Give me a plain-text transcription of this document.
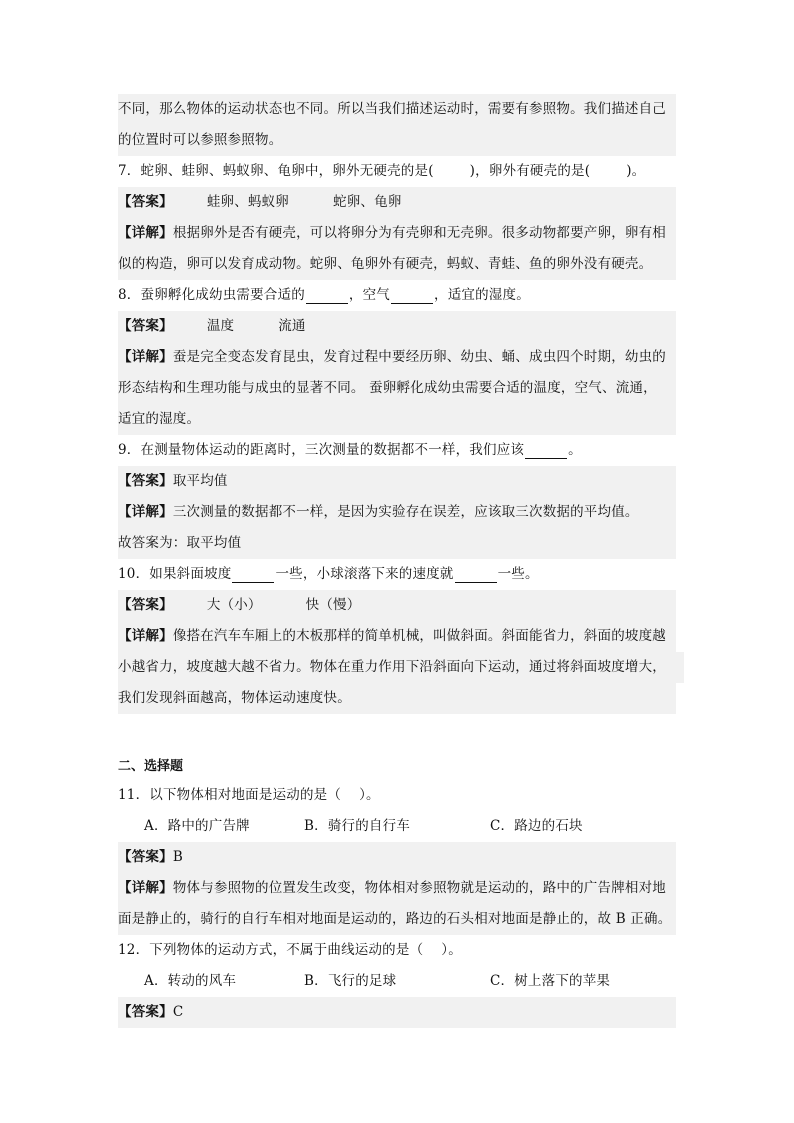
不同，那么物体的运动状态也不同。所以当我们描述运动时，需要有参照物。我们描述自己
的位置时可以参照参照物。
7．蛇卵、蛙卵、蚂蚁卵、龟卵中，卵外无硬壳的是(	)，卵外有硬壳的是(	)。
【答案】	蛙卵、蚂蚁卵	蛇卵、龟卵
【详解】根据卵外是否有硬壳，可以将卵分为有壳卵和无壳卵。很多动物都要产卵，卵有相
似的构造，卵可以发育成动物。蛇卵、龟卵外有硬壳，蚂蚁、青蛙、鱼的卵外没有硬壳。
8．蚕卵孵化成幼虫需要合适的	，空气	，适宜的湿度。
【答案】	温度	流通
【详解】蚕是完全变态发育昆虫，发育过程中要经历卵、幼虫、蛹、成虫四个时期，幼虫的
形态结构和生理功能与成虫的显著不同。 蚕卵孵化成幼虫需要合适的温度，空气、流通，
适宜的湿度。
9．在测量物体运动的距离时，三次测量的数据都不一样，我们应该	。
【答案】取平均值
【详解】三次测量的数据都不一样，是因为实验存在误差，应该取三次数据的平均值。
故答案为：取平均值
10．如果斜面坡度	一些，小球滚落下来的速度就	一些。
【答案】	大（小）	快（慢）
【详解】像搭在汽车车厢上的木板那样的简单机械，叫做斜面。斜面能省力，斜面的坡度越
小越省力，坡度越大越不省力。物体在重力作用下沿斜面向下运动，通过将斜面坡度增大，
我们发现斜面越高，物体运动速度快。
二、选择题
11．以下物体相对地面是运动的是（ ）。
A．路中的广告牌	B．骑行的自行车	C．路边的石块
【答案】B
【详解】物体与参照物的位置发生改变，物体相对参照物就是运动的，路中的广告牌相对地
面是静止的，骑行的自行车相对地面是运动的，路边的石头相对地面是静止的，故 B 正确。
12．下列物体的运动方式，不属于曲线运动的是（ ）。
A．转动的风车	B．飞行的足球	C．树上落下的苹果
【答案】C
